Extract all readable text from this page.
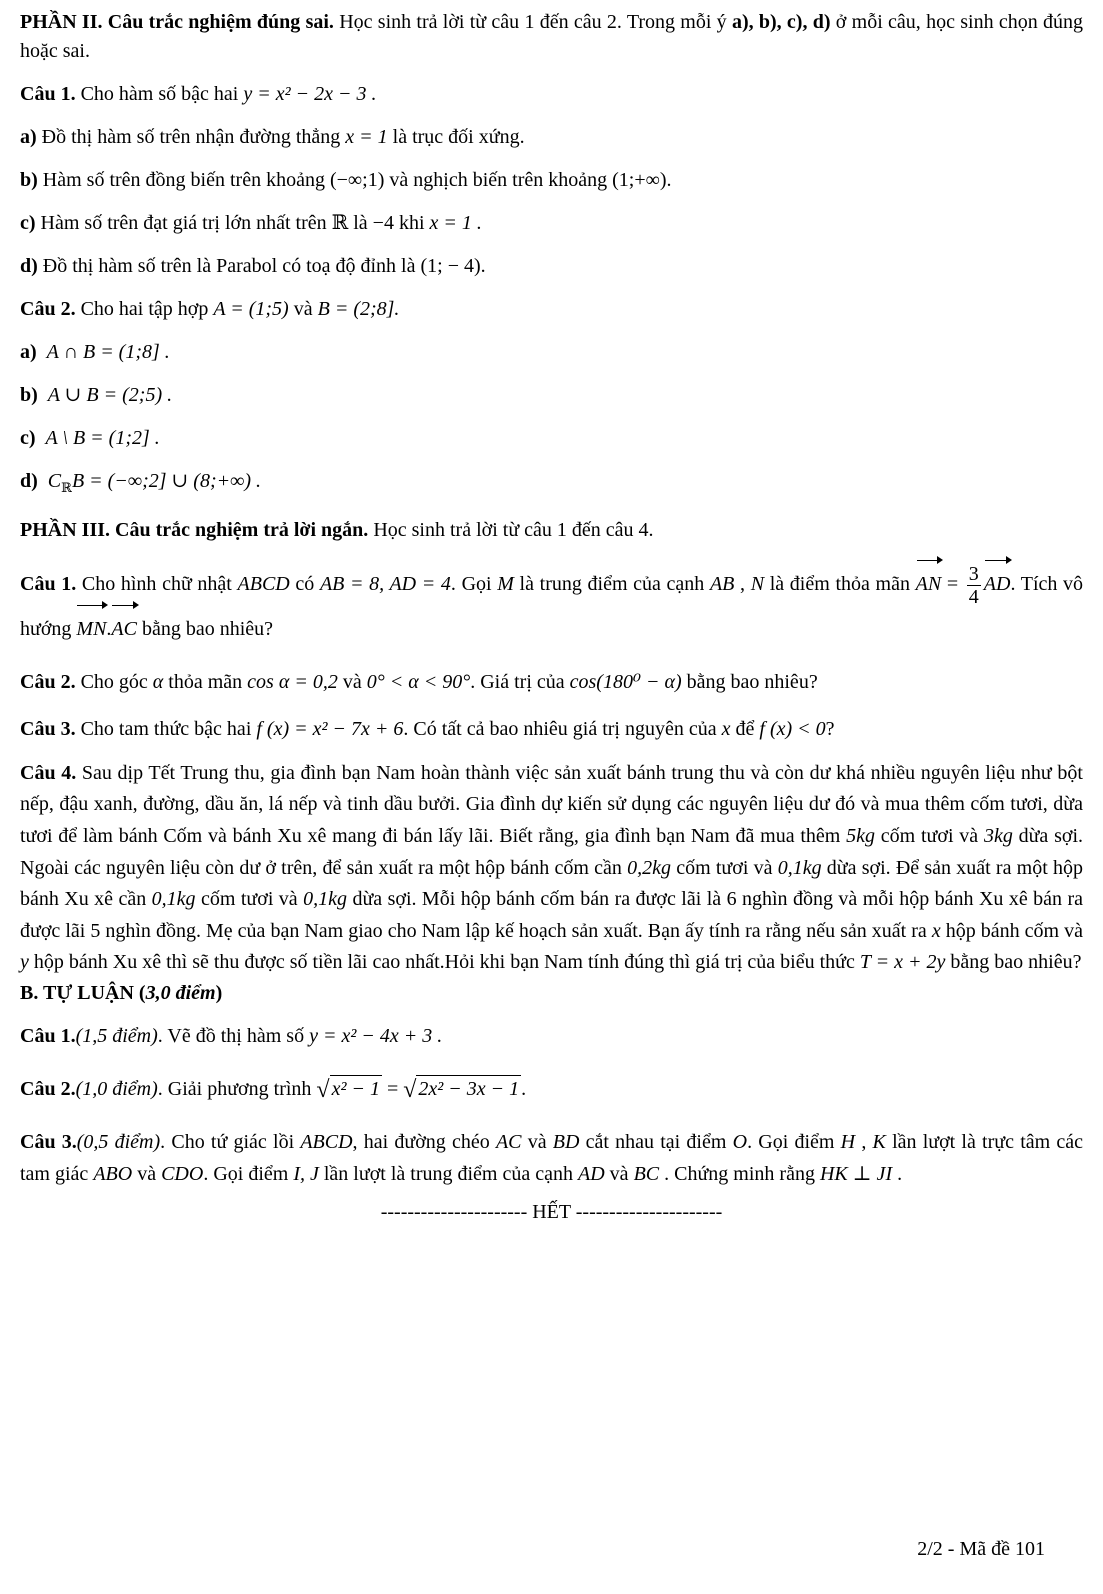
PHẦN II. Câu trắc nghiệm đúng sai. Học sinh trả lời từ câu 1 đến câu 2. Trong mỗi ý a), b), c), d) ở mỗi câu, học sinh chọn đúng hoặc sai.

Câu 1. Cho hàm số bậc hai y = x² − 2x − 3 .

a) Đồ thị hàm số trên nhận đường thẳng x = 1 là trục đối xứng.

b) Hàm số trên đồng biến trên khoảng (−∞;1) và nghịch biến trên khoảng (1;+∞).

c) Hàm số trên đạt giá trị lớn nhất trên ℝ là −4 khi x = 1 .

d) Đồ thị hàm số trên là Parabol có toạ độ đỉnh là (1; − 4).

Câu 2. Cho hai tập hợp A = (1;5) và B = (2;8].

a) A ∩ B = (1;8] .

b) A ∪ B = (2;5) .

c) A \ B = (1;2] .

d) $C_ℝB$ = (−∞;2] ∪ (8;+∞) .

PHẦN III. Câu trắc nghiệm trả lời ngắn. Học sinh trả lời từ câu 1 đến câu 4.

Câu 1. Cho hình chữ nhật ABCD có AB = 8, AD = 4. Gọi M là trung điểm của cạnh AB , N là điểm thỏa mãn AN = $\frac{3}{4}$ AD. Tích vô hướng MN.AC bằng bao nhiêu?

Câu 2. Cho góc α thỏa mãn cos α = 0,2 và 0° < α < 90°. Giá trị của cos(180⁰ − α) bằng bao nhiêu?

Câu 3. Cho tam thức bậc hai f (x) = x² − 7x + 6. Có tất cả bao nhiêu giá trị nguyên của x để f (x) < 0?

Câu 4. Sau dịp Tết Trung thu, gia đình bạn Nam hoàn thành việc sản xuất bánh trung thu và còn dư khá nhiều nguyên liệu như bột nếp, đậu xanh, đường, dầu ăn, lá nếp và tinh dầu bưởi. Gia đình dự kiến sử dụng các nguyên liệu dư đó và mua thêm cốm tươi, dừa tươi để làm bánh Cốm và bánh Xu xê mang đi bán lấy lãi. Biết rằng, gia đình bạn Nam đã mua thêm 5kg cốm tươi và 3kg dừa sợi. Ngoài các nguyên liệu còn dư ở trên, để sản xuất ra một hộp bánh cốm cần 0,2kg cốm tươi và 0,1kg dừa sợi. Để sản xuất ra một hộp bánh Xu xê cần 0,1kg cốm tươi và 0,1kg dừa sợi. Mỗi hộp bánh cốm bán ra được lãi là 6 nghìn đồng và mỗi hộp bánh Xu xê bán ra được lãi 5 nghìn đồng. Mẹ của bạn Nam giao cho Nam lập kế hoạch sản xuất. Bạn ấy tính ra rằng nếu sản xuất ra x hộp bánh cốm và y hộp bánh Xu xê thì sẽ thu được số tiền lãi cao nhất.Hỏi khi bạn Nam tính đúng thì giá trị của biểu thức T = x + 2y bằng bao nhiêu?

B. TỰ LUẬN (3,0 điểm)

Câu 1.(1,5 điểm). Vẽ đồ thị hàm số y = x² − 4x + 3 .

Câu 2.(1,0 điểm). Giải phương trình √ x² − 1 = √ 2x² − 3x − 1 .

Câu 3.(0,5 điểm). Cho tứ giác lồi ABCD, hai đường chéo AC và BD cắt nhau tại điểm O. Gọi điểm H , K lần lượt là trực tâm các tam giác ABO và CDO. Gọi điểm I, J lần lượt là trung điểm của cạnh AD và BC . Chứng minh rằng HK ⊥ JI .

---------------------- HẾT ----------------------

2/2 - Mã đề 101
